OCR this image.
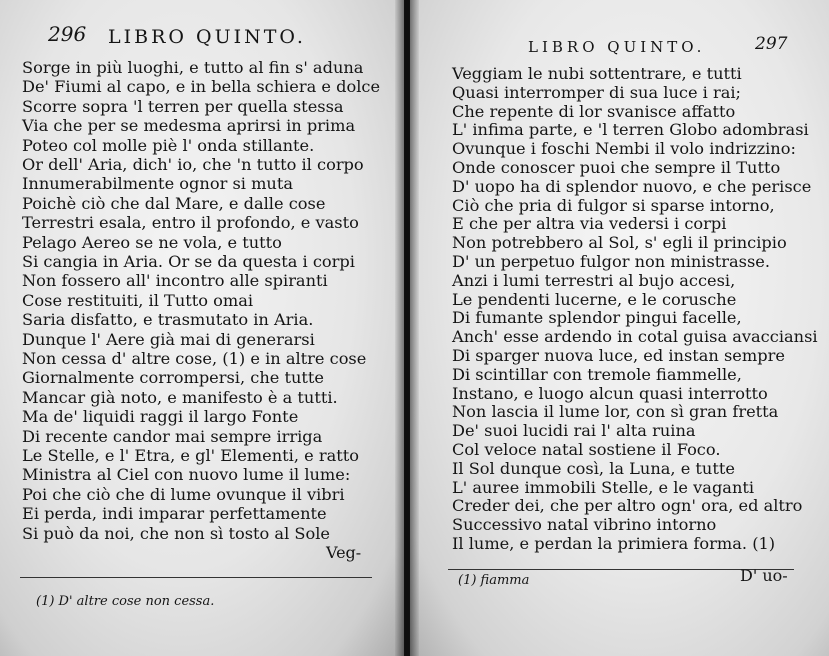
296 LIBRO QUINTO.
Sorge in più luoghi, e tutto al fin s' aduna
De' Fiumi al capo, e in bella schiera e dolce
Scorre sopra 'l terren per quella stessa
Via che per se medesma aprirsi in prima
Poteo col molle piè l' onda stillante.
Or dell' Aria, dich' io, che 'n tutto il corpo
Innumerabilmente ognor si muta
Poichè ciò che dal Mare, e dalle cose
Terrestri esala, entro il profondo, e vasto
Pelago Aereo se ne vola, e tutto
Si cangia in Aria. Or se da questa i corpi
Non fossero all' incontro alle spiranti
Cose restituiti, il Tutto omai
Saria disfatto, e trasmutato in Aria.
Dunque l' Aere già mai di generarsi
Non cessa d' altre cose, (1) e in altre cose
Giornalmente corrompersi, che tutte
Mancar già noto, e manifesto è a tutti.
Ma de' liquidi raggi il largo Fonte
Di recente candor mai sempre irriga
Le Stelle, e l' Etra, e gl' Elementi, e ratto
Ministra al Ciel con nuovo lume il lume:
Poi che ciò che di lume ovunque il vibri
Ei perda, indi imparar perfettamente
Si può da noi, che non sì tosto al Sole
Veg-
(1) D' altre cose non cessa.
LIBRO QUINTO.	297
Veggiam le nubi sottentrare, e tutti
Quasi interromper di sua luce i rai;
Che repente di lor svanisce affatto
L' infima parte, e 'l terren Globo adombrasi
Ovunque i foschi Nembi il volo indrizzino:
Onde conoscer puoi che sempre il Tutto
D' uopo ha di splendor nuovo, e che perisce
Ciò che pria di fulgor si sparse intorno,
E che per altra via vedersi i corpi
Non potrebbero al Sol, s' egli il principio
D' un perpetuo fulgor non ministrasse.
Anzi i lumi terrestri al bujo accesi,
Le pendenti lucerne, e le corusche
Di fumante splendor pingui facelle,
Anch' esse ardendo in cotal guisa avacciansi
Di sparger nuova luce, ed instan sempre
Di scintillar con tremole fiammelle,
Instano, e luogo alcun quasi interrotto
Non lascia il lume lor, con sì gran fretta
De' suoi lucidi rai l' alta ruina
Col veloce natal sostiene il Foco.
Il Sol dunque così, la Luna, e tutte
L' auree immobili Stelle, e le vaganti
Creder dei, che per altro ogn' ora, ed altro
Successivo natal vibrino intorno
Il lume, e perdan la primiera forma. (1)
(1) fiamma	D' uo-
